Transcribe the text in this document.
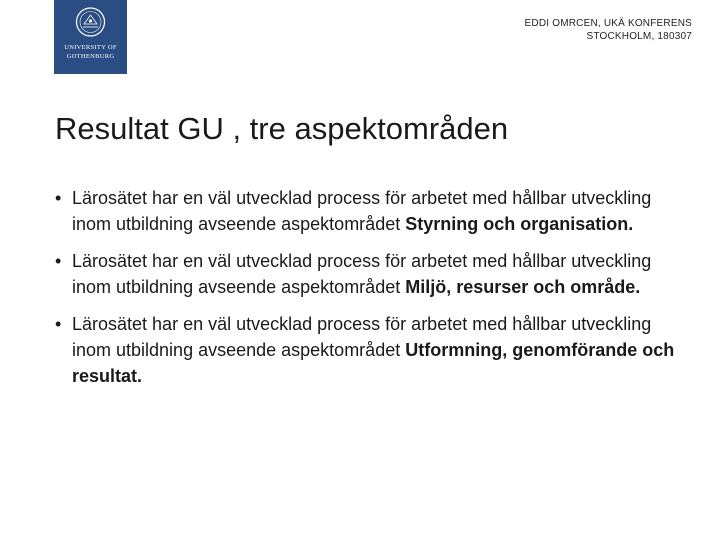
UNIVERSITY OF
GOTHENBURG
EDDI OMRCEN, UKÄ KONFERENS
STOCKHOLM, 180307
Resultat GU , tre aspektområden
• Lärosätet har en väl utvecklad process för arbetet med hållbar utveckling inom utbildning avseende aspektområdet Styrning och organisation.
• Lärosätet har en väl utvecklad process för arbetet med hållbar utveckling inom utbildning avseende aspektområdet Miljö, resurser och område.
• Lärosätet har en väl utvecklad process för arbetet med hållbar utveckling inom utbildning avseende aspektområdet Utformning, genomförande och resultat.
